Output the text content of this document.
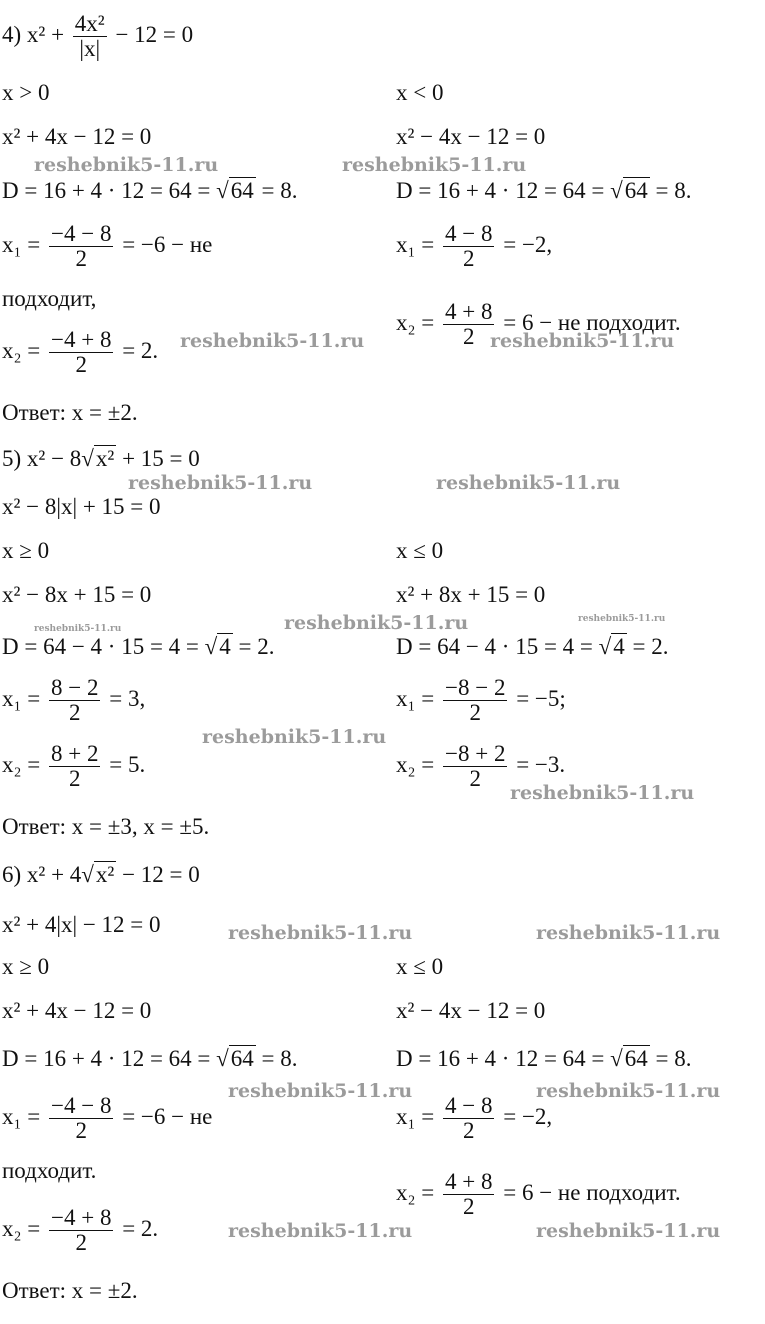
4) $x^2 + \frac{\text{4x²}}{|x|} - 12 = 0$
x > 0	x < 0
x² + 4x − 12 = 0	x² − 4x − 12 = 0
D = 16 + 4 · 12 = 64 = √64 = 8.	D = 16 + 4 · 12 = 64 = √64 = 8.
$x_1 = \frac{-4 - 8}{2} = -6$ − не	$x_1 = \frac{4 - 8}{2} = -2$,
подходит,
$x_2 = \frac{4 + 8}{2} = 6$ − не подходит.
$x_2 = \frac{-4 + 8}{2} = 2$.
Ответ: x = ±2.
5) x² − 8√x² + 15 = 0
x² − 8|x| + 15 = 0
x ≥ 0	x ≤ 0
x² − 8x + 15 = 0	x² + 8x + 15 = 0
D = 64 − 4 · 15 = 4 = √4 = 2.	D = 64 − 4 · 15 = 4 = √4 = 2.
$x_1 = \frac{8 - 2}{2} = 3$,	$x_1 = \frac{-8 - 2}{2} = -5$;
$x_2 = \frac{8 + 2}{2} = 5$.	$x_2 = \frac{-8 + 2}{2} = -3$.
Ответ: x = ±3, x = ±5.
6) x² + 4√x² − 12 = 0
x² + 4|x| − 12 = 0
x ≥ 0	x ≤ 0
x² + 4x − 12 = 0	x² − 4x − 12 = 0
D = 16 + 4 · 12 = 64 = √64 = 8.	D = 16 + 4 · 12 = 64 = √64 = 8.
$x_1 = \frac{-4 - 8}{2} = -6$ − не	$x_1 = \frac{4 - 8}{2} = -2$,
подходит.
$x_2 = \frac{4 + 8}{2} = 6$ − не подходит.
$x_2 = \frac{-4 + 8}{2} = 2$.
Ответ: x = ±2.
reshebnik5-11.ru	reshebnik5-11.ru
reshebnik5-11.ru	reshebnik5-11.ru
reshebnik5-11.ru	reshebnik5-11.ru
reshebnik5-11.ru
reshebnik5-11.ru
reshebnik5-11.ru
reshebnik5-11.ru
reshebnik5-11.ru
reshebnik5-11.ru	reshebnik5-11.ru
reshebnik5-11.ru	reshebnik5-11.ru
reshebnik5-11.ru	reshebnik5-11.ru
